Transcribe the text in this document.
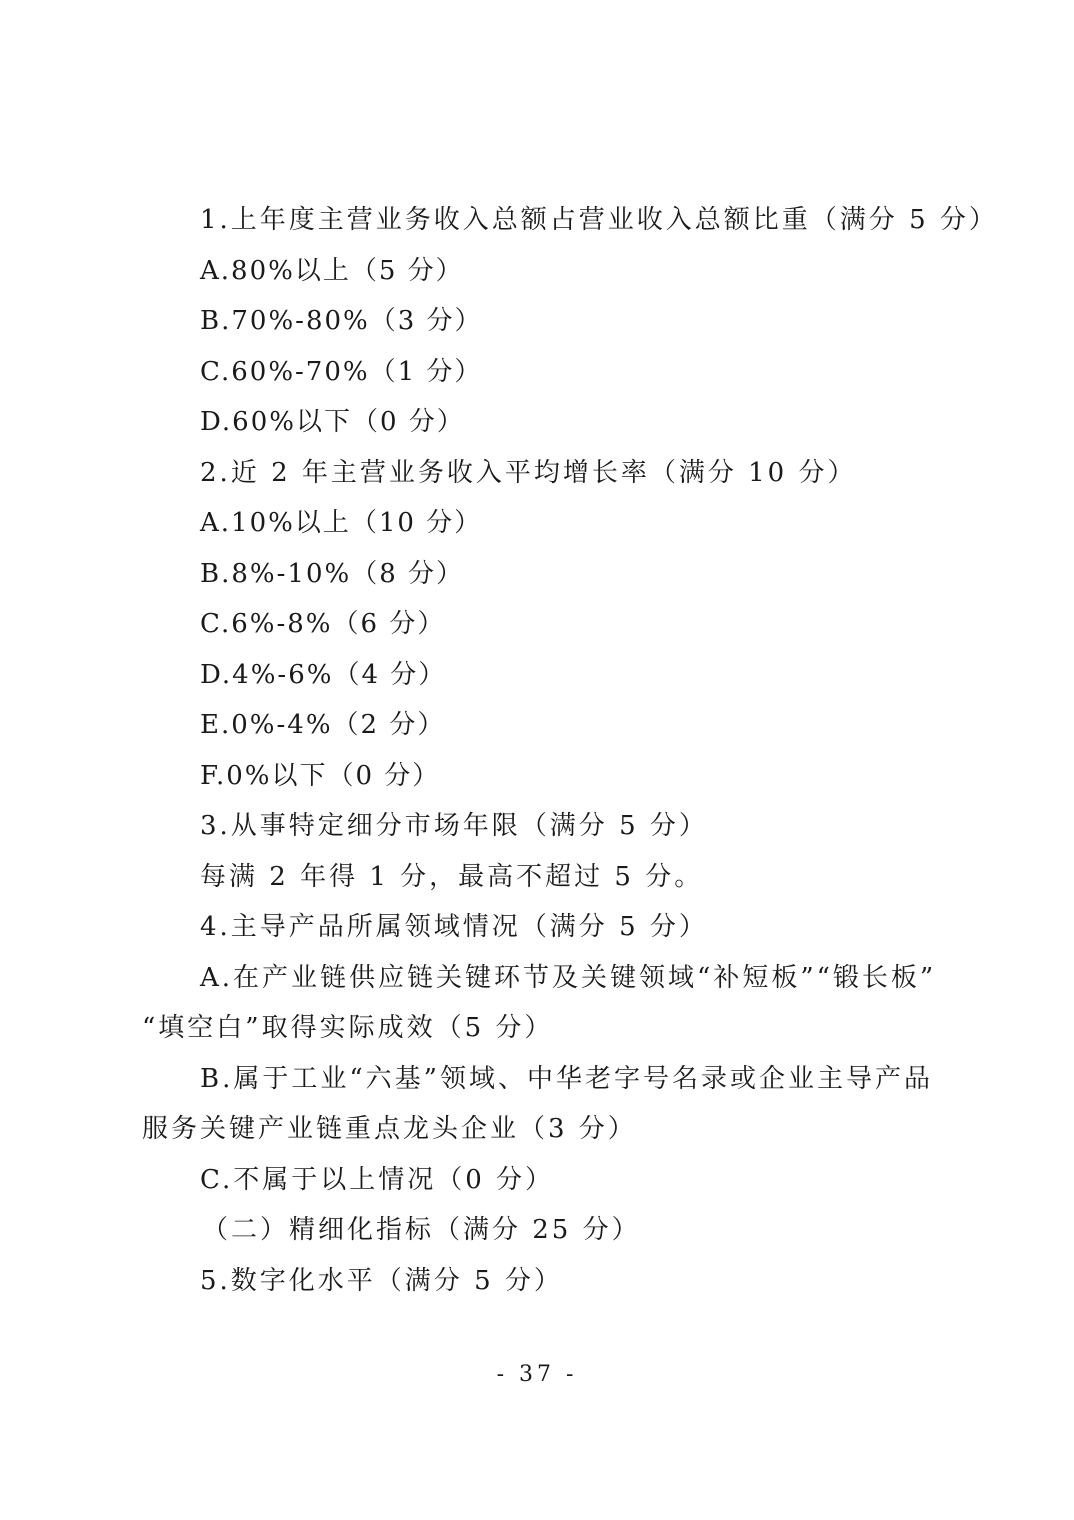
1.上年度主营业务收入总额占营业收入总额比重（满分 5 分）
A.80%以上（5 分）
B.70%-80%（3 分）
C.60%-70%（1 分）
D.60%以下（0 分）
2.近 2 年主营业务收入平均增长率（满分 10 分）
A.10%以上（10 分）
B.8%-10%（8 分）
C.6%-8%（6 分）
D.4%-6%（4 分）
E.0%-4%（2 分）
F.0%以下（0 分）
3.从事特定细分市场年限（满分 5 分）
每满 2 年得 1 分，最高不超过 5 分。
4.主导产品所属领域情况（满分 5 分）
A.在产业链供应链关键环节及关键领域“补短板”“锻长板”
“填空白”取得实际成效（5 分）
B.属于工业“六基”领域、中华老字号名录或企业主导产品
服务关键产业链重点龙头企业（3 分）
C.不属于以上情况（0 分）
（二）精细化指标（满分 25 分）
5.数字化水平（满分 5 分）
- 37 -
